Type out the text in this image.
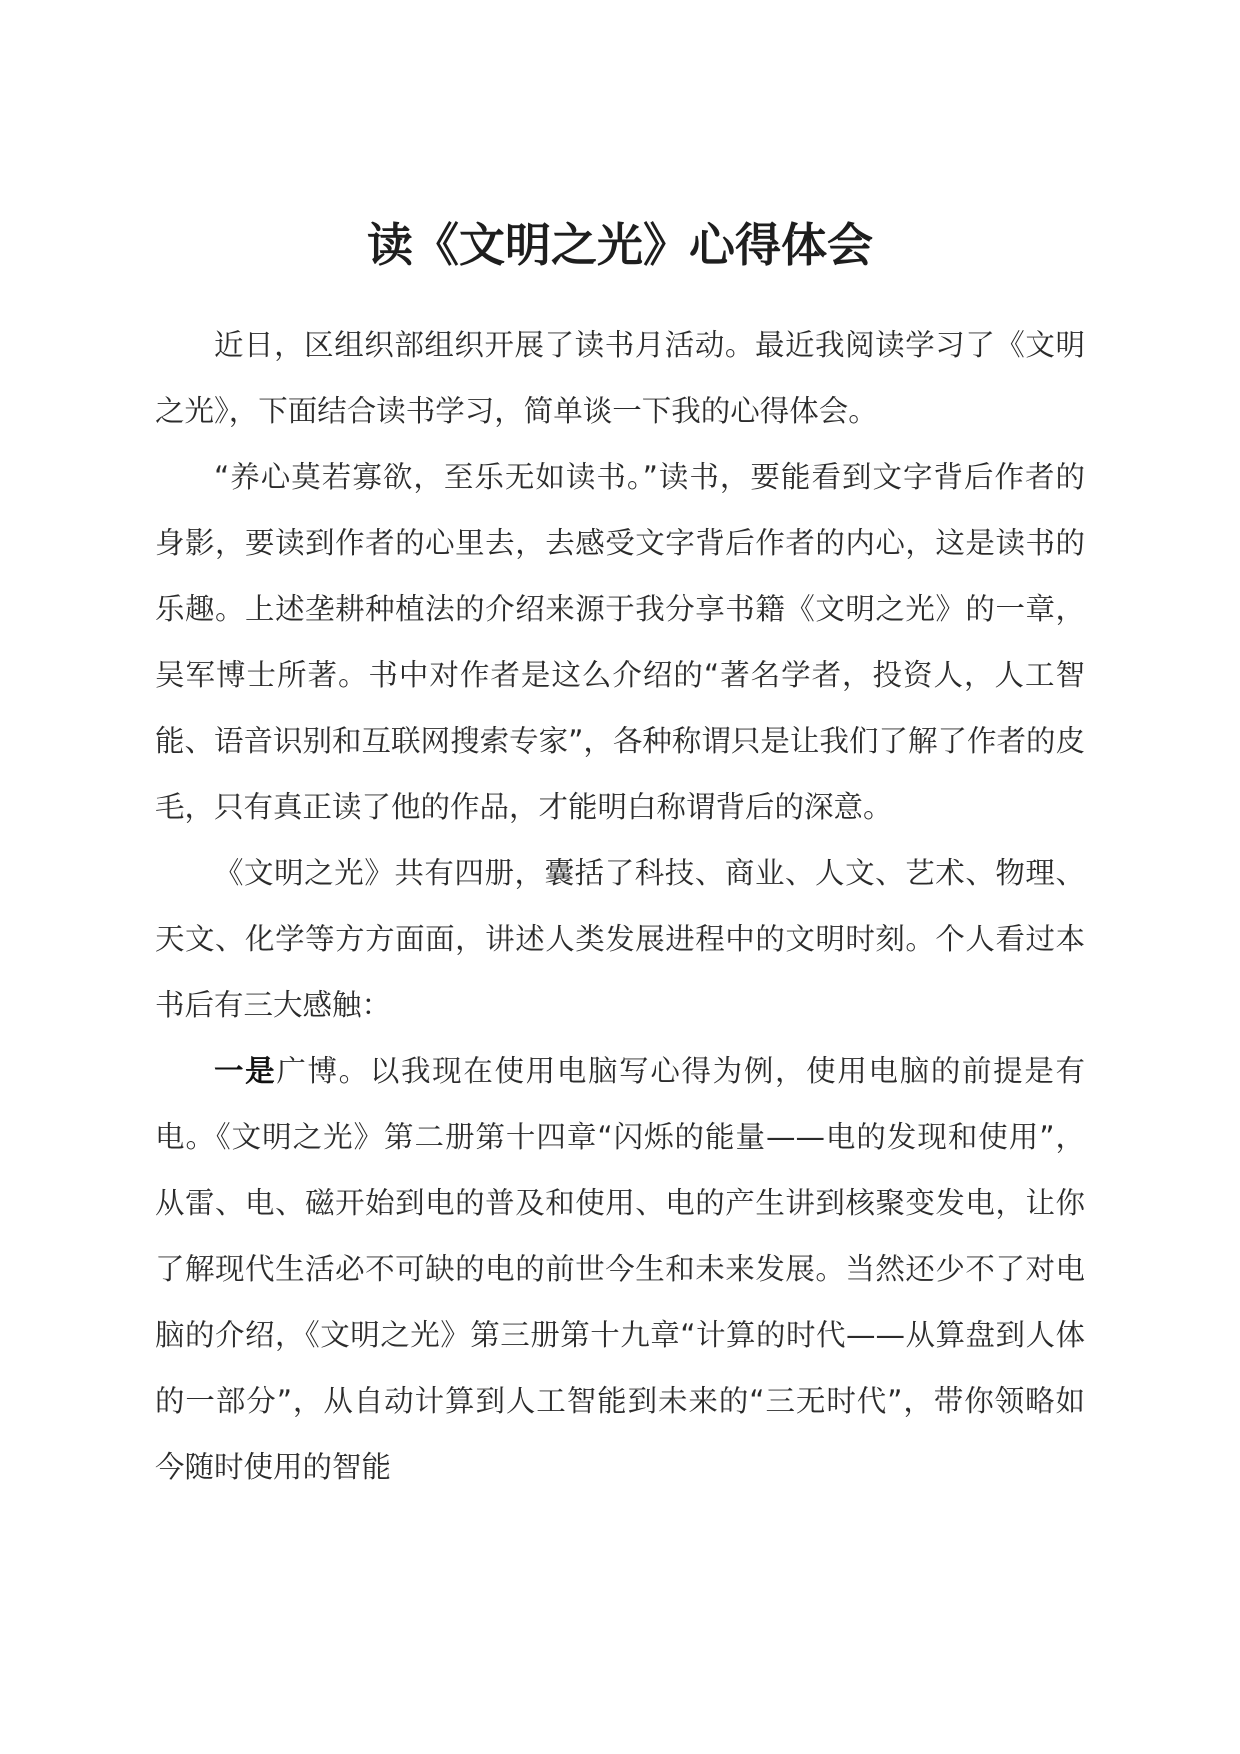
读《文明之光》心得体会

近日，区组织部组织开展了读书月活动。最近我阅读学习了《文明之光》，下面结合读书学习，简单谈一下我的心得体会。

“养心莫若寡欲，至乐无如读书。”读书，要能看到文字背后作者的身影，要读到作者的心里去，去感受文字背后作者的内心，这是读书的乐趣。上述垄耕种植法的介绍来源于我分享书籍《文明之光》的一章，吴军博士所著。书中对作者是这么介绍的“著名学者，投资人，人工智能、语音识别和互联网搜索专家”，各种称谓只是让我们了解了作者的皮毛，只有真正读了他的作品，才能明白称谓背后的深意。

《文明之光》共有四册，囊括了科技、商业、人文、艺术、物理、天文、化学等方方面面，讲述人类发展进程中的文明时刻。个人看过本书后有三大感触：

一是广博。以我现在使用电脑写心得为例，使用电脑的前提是有电。《文明之光》第二册第十四章“闪烁的能量——电的发现和使用”，从雷、电、磁开始到电的普及和使用、电的产生讲到核聚变发电，让你了解现代生活必不可缺的电的前世今生和未来发展。当然还少不了对电脑的介绍，《文明之光》第三册第十九章“计算的时代——从算盘到人体的一部分”，从自动计算到人工智能到未来的“三无时代”，带你领略如今随时使用的智能
